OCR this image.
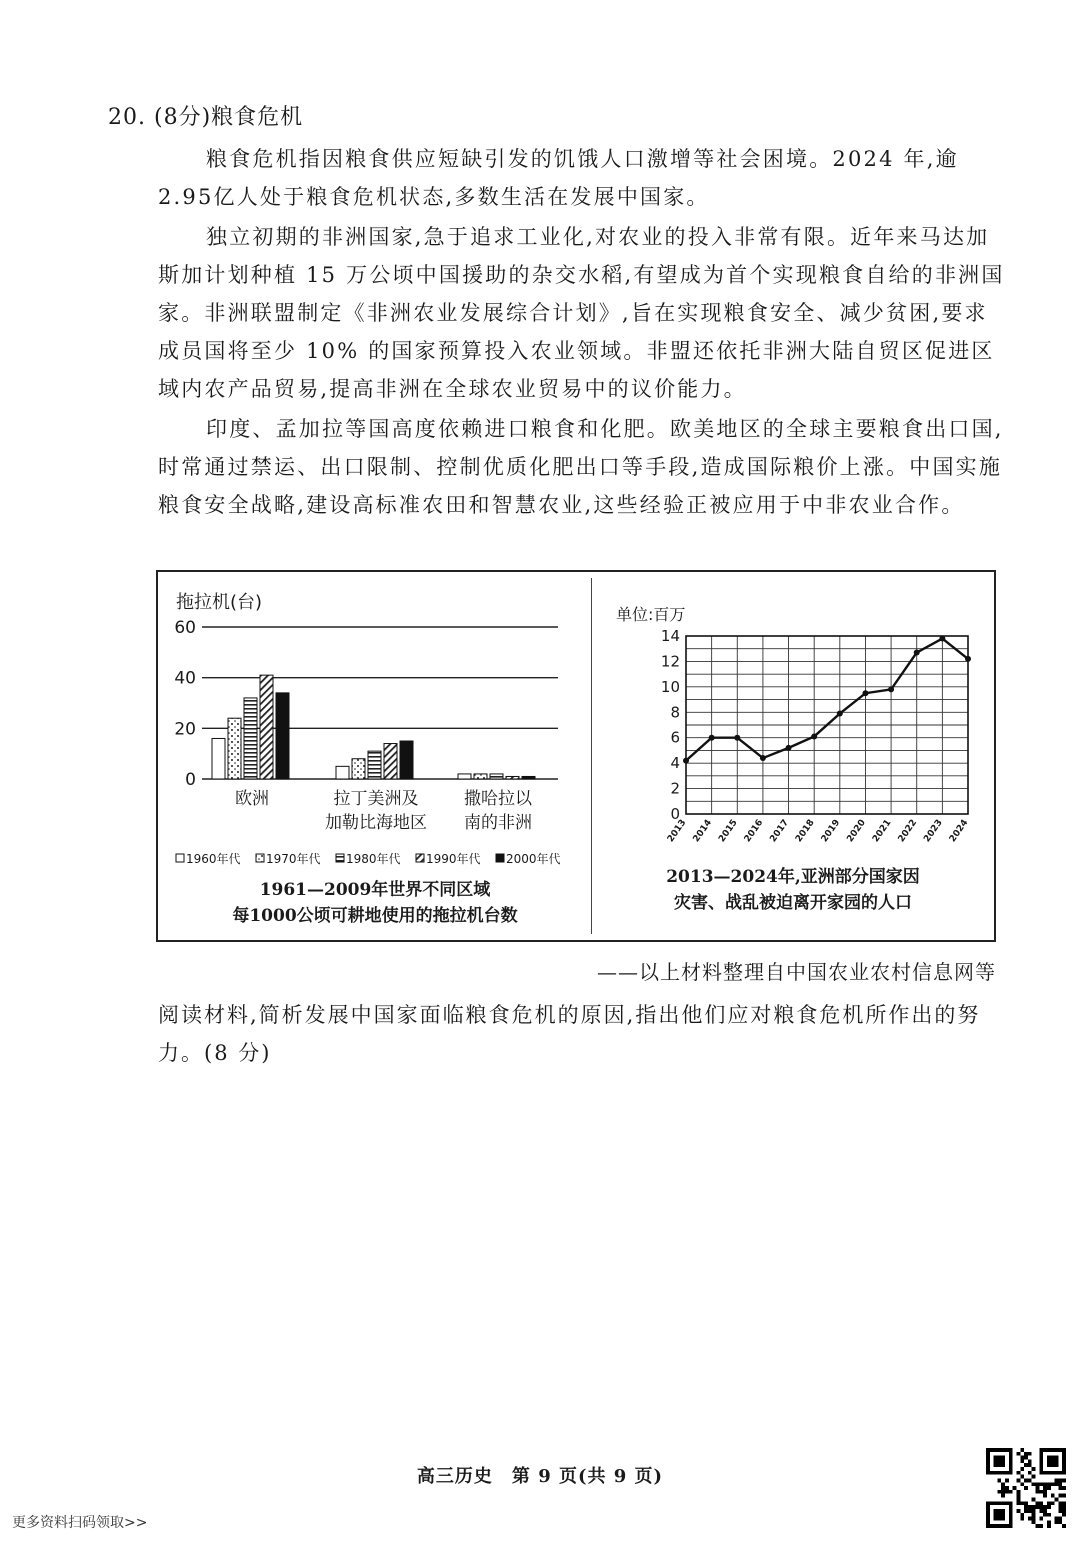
20. (8分)粮食危机
粮食危机指因粮食供应短缺引发的饥饿人口激增等社会困境。2024 年,逾2.95亿人处于粮食危机状态,多数生活在发展中国家。
独立初期的非洲国家,急于追求工业化,对农业的投入非常有限。近年来马达加斯加计划种植 15 万公顷中国援助的杂交水稻,有望成为首个实现粮食自给的非洲国家。非洲联盟制定《非洲农业发展综合计划》,旨在实现粮食安全、减少贫困,要求成员国将至少 10% 的国家预算投入农业领域。非盟还依托非洲大陆自贸区促进区域内农产品贸易,提高非洲在全球农业贸易中的议价能力。
印度、孟加拉等国高度依赖进口粮食和化肥。欧美地区的全球主要粮食出口国,时常通过禁运、出口限制、控制优质化肥出口等手段,造成国际粮价上涨。中国实施粮食安全战略,建设高标准农田和智慧农业,这些经验正被应用于中非农业合作。
拖拉机(台)
0
20
40
60
欧洲	拉丁美洲及
加勒比海地区
撒哈拉以
南的非洲
1960年代 1970年代 1980年代 1990年代 2000年代
1961—2009年世界不同区域
每1000公顷可耕地使用的拖拉机台数
单位:百万
0
2
4
6
8
10
12
14
2013 2014 2015 2016 2017 2018 2019 2020 2021 2022 2023 2024
2013—2024年,亚洲部分国家因
灾害、战乱被迫离开家园的人口
——以上材料整理自中国农业农村信息网等
阅读材料,简析发展中国家面临粮食危机的原因,指出他们应对粮食危机所作出的努力。(8 分)
高三历史　第 9 页(共 9 页)
更多资料扫码领取>>
